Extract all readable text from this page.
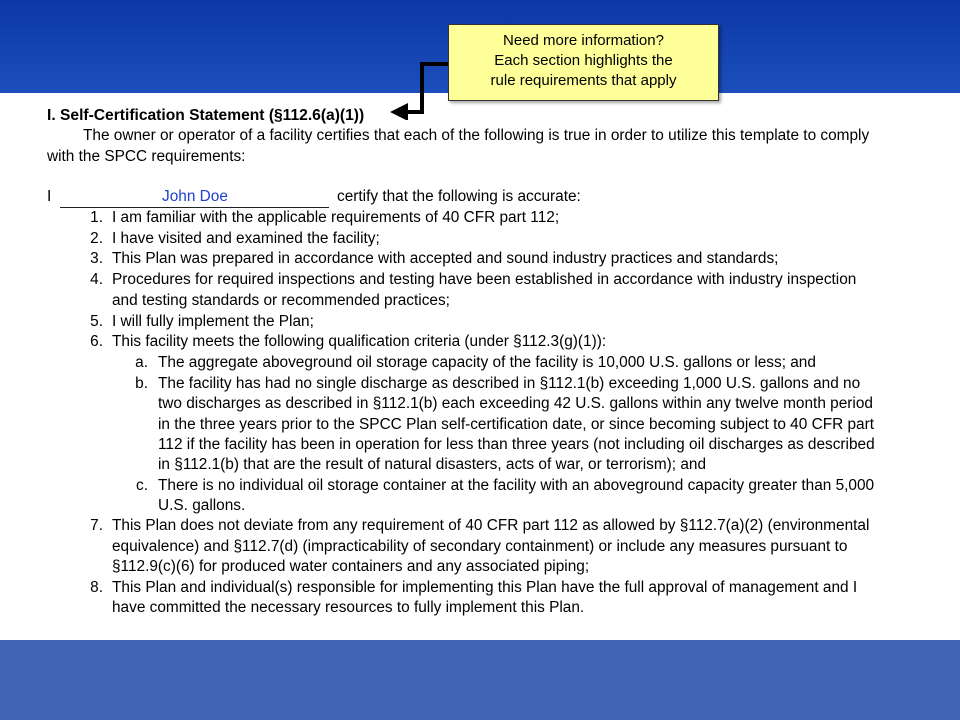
Need more information?
Each section highlights the
rule requirements that apply
I. Self-Certification Statement (§112.6(a)(1))
The owner or operator of a facility certifies that each of the following is true in order to utilize this template to comply
with the SPCC requirements:
I	John Doe	certify that the following is accurate:
1. I am familiar with the applicable requirements of 40 CFR part 112;
2. I have visited and examined the facility;
3. This Plan was prepared in accordance with accepted and sound industry practices and standards;
4. Procedures for required inspections and testing have been established in accordance with industry inspection
and testing standards or recommended practices;
5. I will fully implement the Plan;
6. This facility meets the following qualification criteria (under §112.3(g)(1)):
a. The aggregate aboveground oil storage capacity of the facility is 10,000 U.S. gallons or less; and
b. The facility has had no single discharge as described in §112.1(b) exceeding 1,000 U.S. gallons and no
two discharges as described in §112.1(b) each exceeding 42 U.S. gallons within any twelve month period
in the three years prior to the SPCC Plan self-certification date, or since becoming subject to 40 CFR part
112 if the facility has been in operation for less than three years (not including oil discharges as described
in §112.1(b) that are the result of natural disasters, acts of war, or terrorism); and
c. There is no individual oil storage container at the facility with an aboveground capacity greater than 5,000
U.S. gallons.
7. This Plan does not deviate from any requirement of 40 CFR part 112 as allowed by §112.7(a)(2) (environmental
equivalence) and §112.7(d) (impracticability of secondary containment) or include any measures pursuant to
§112.9(c)(6) for produced water containers and any associated piping;
8. This Plan and individual(s) responsible for implementing this Plan have the full approval of management and I
have committed the necessary resources to fully implement this Plan.
